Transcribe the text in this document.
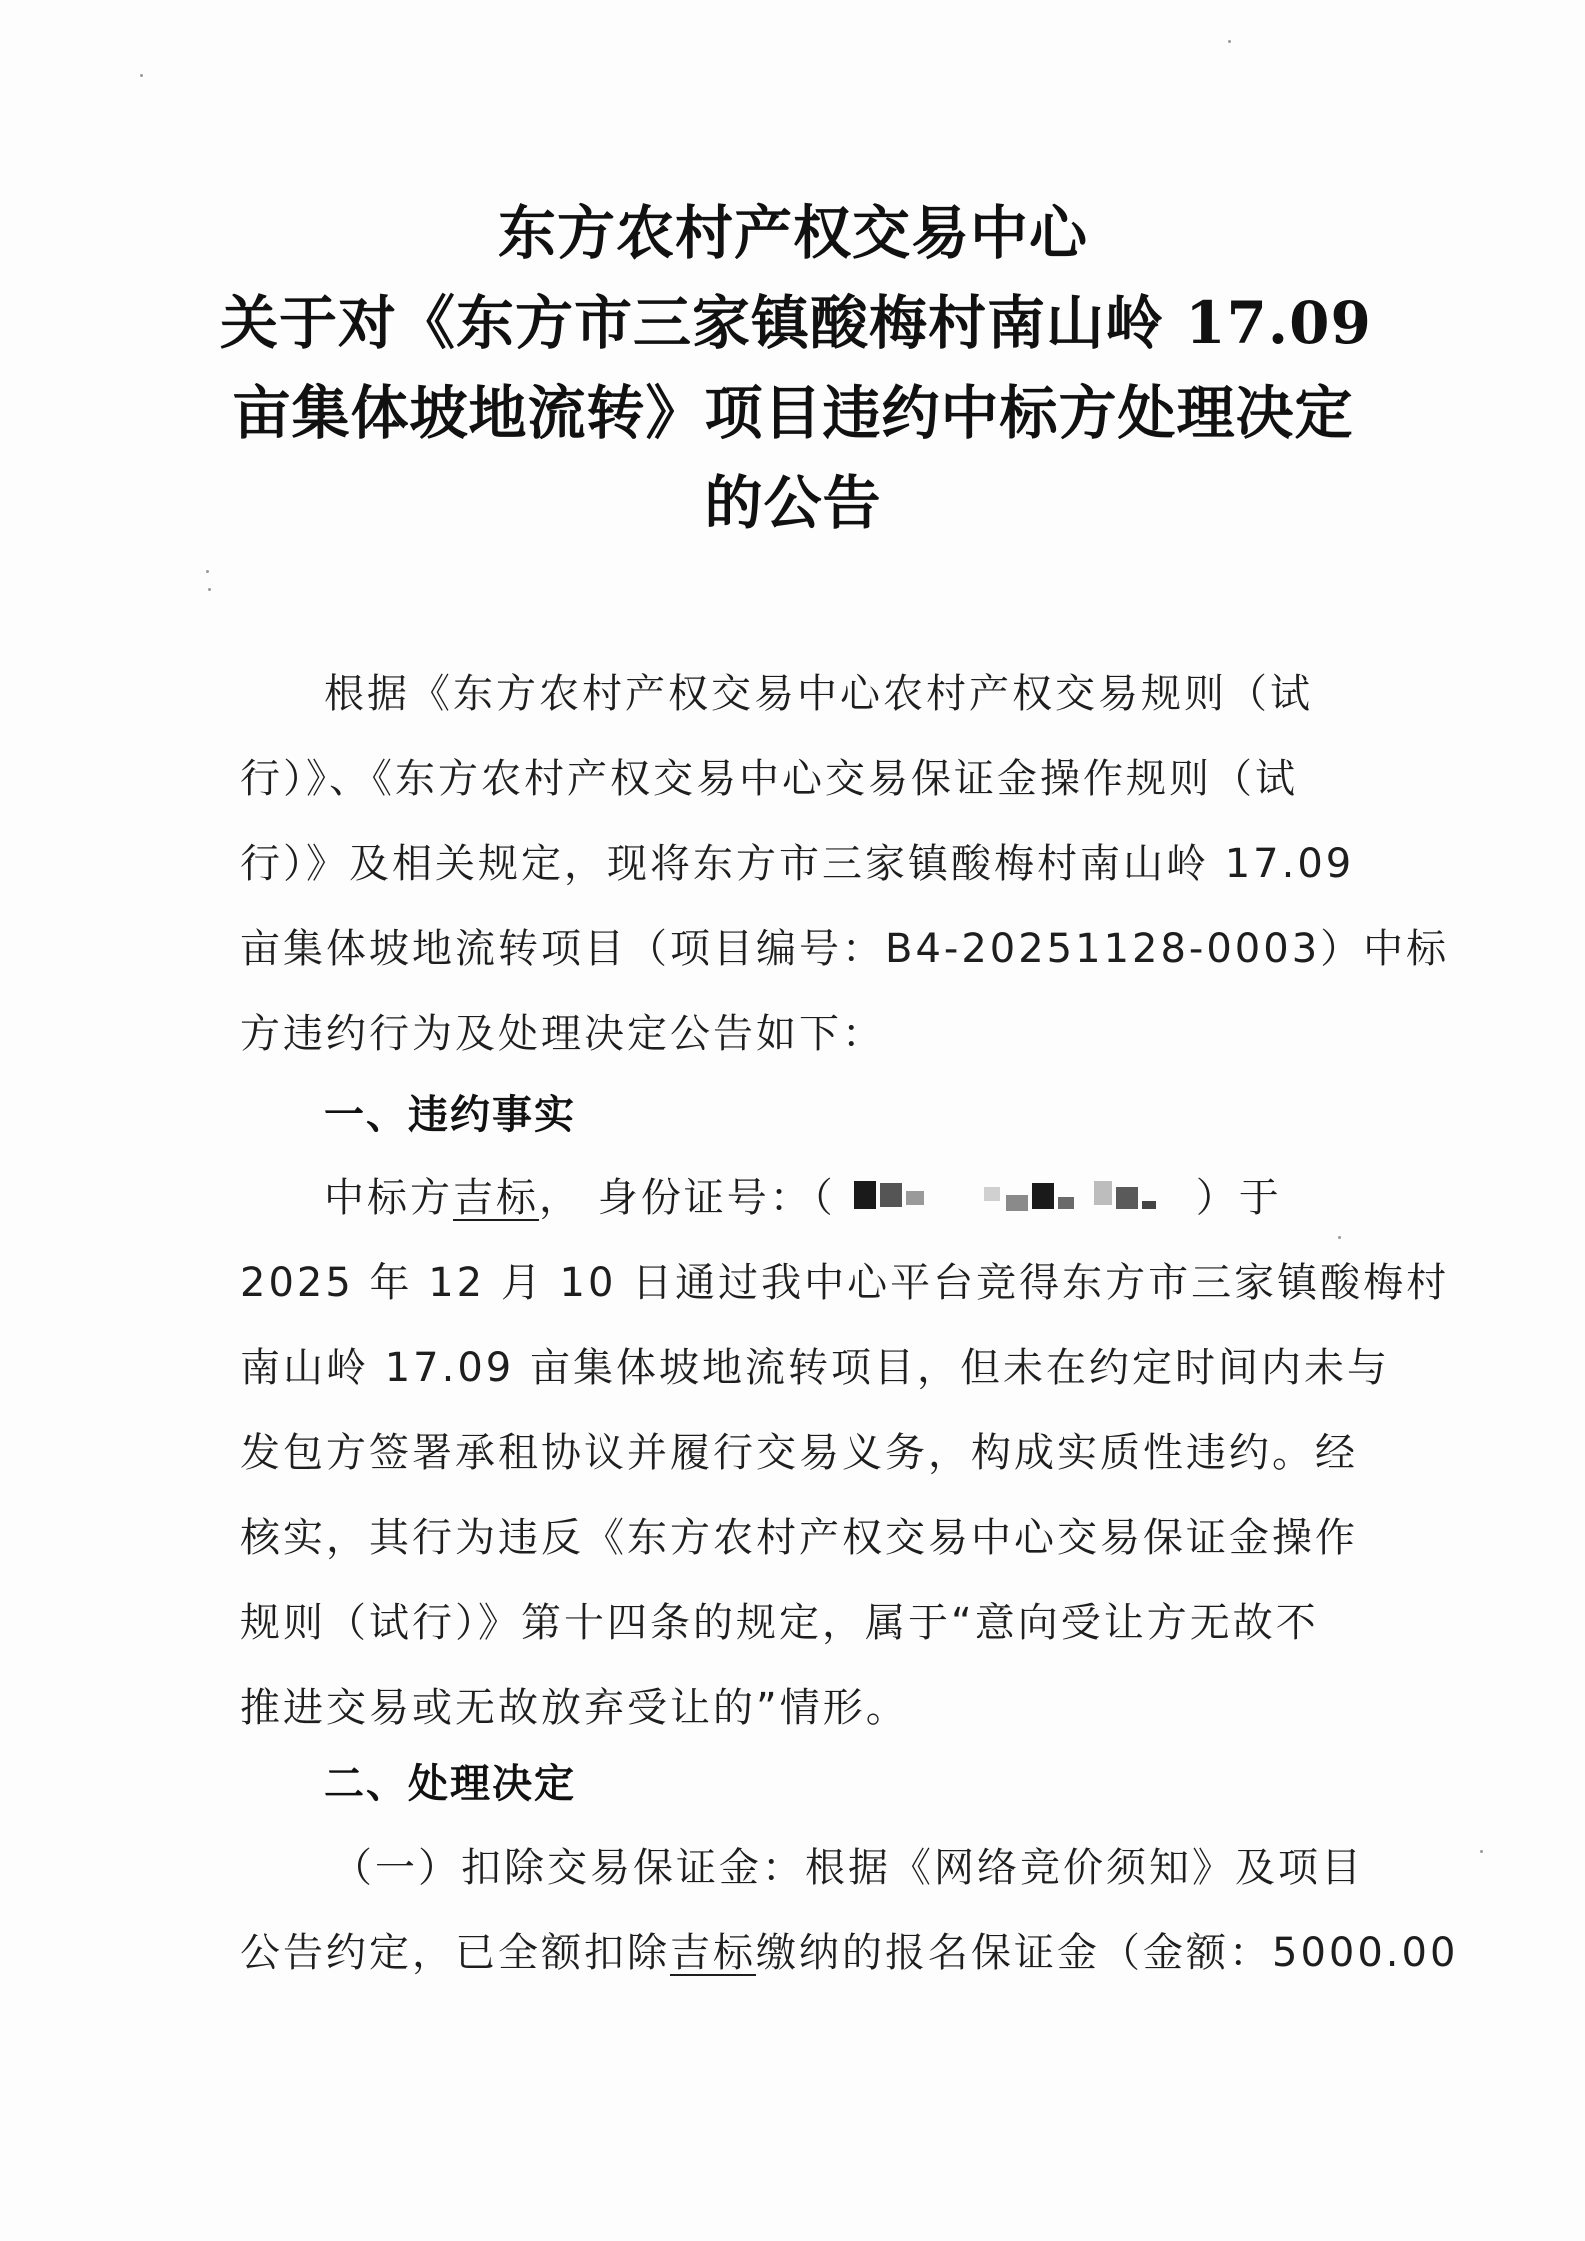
东方农村产权交易中心
关于对《东方市三家镇酸梅村南山岭 17.09
亩集体坡地流转》项目违约中标方处理决定
的公告
根据《东方农村产权交易中心农村产权交易规则（试
行）》、《东方农村产权交易中心交易保证金操作规则（试
行）》及相关规定，现将东方市三家镇酸梅村南山岭 17.09
亩集体坡地流转项目（项目编号：B4-20251128-0003）中标
方违约行为及处理决定公告如下：
一、违约事实
中标方吉标， 身份证号：（	）于
2025 年 12 月 10 日通过我中心平台竞得东方市三家镇酸梅村
南山岭 17.09 亩集体坡地流转项目，但未在约定时间内未与
发包方签署承租协议并履行交易义务，构成实质性违约。经
核实，其行为违反《东方农村产权交易中心交易保证金操作
规则（试行）》第十四条的规定，属于“意向受让方无故不
推进交易或无故放弃受让的”情形。
二、处理决定
（一）扣除交易保证金：根据《网络竞价须知》及项目
公告约定，已全额扣除吉标缴纳的报名保证金（金额：5000.00
